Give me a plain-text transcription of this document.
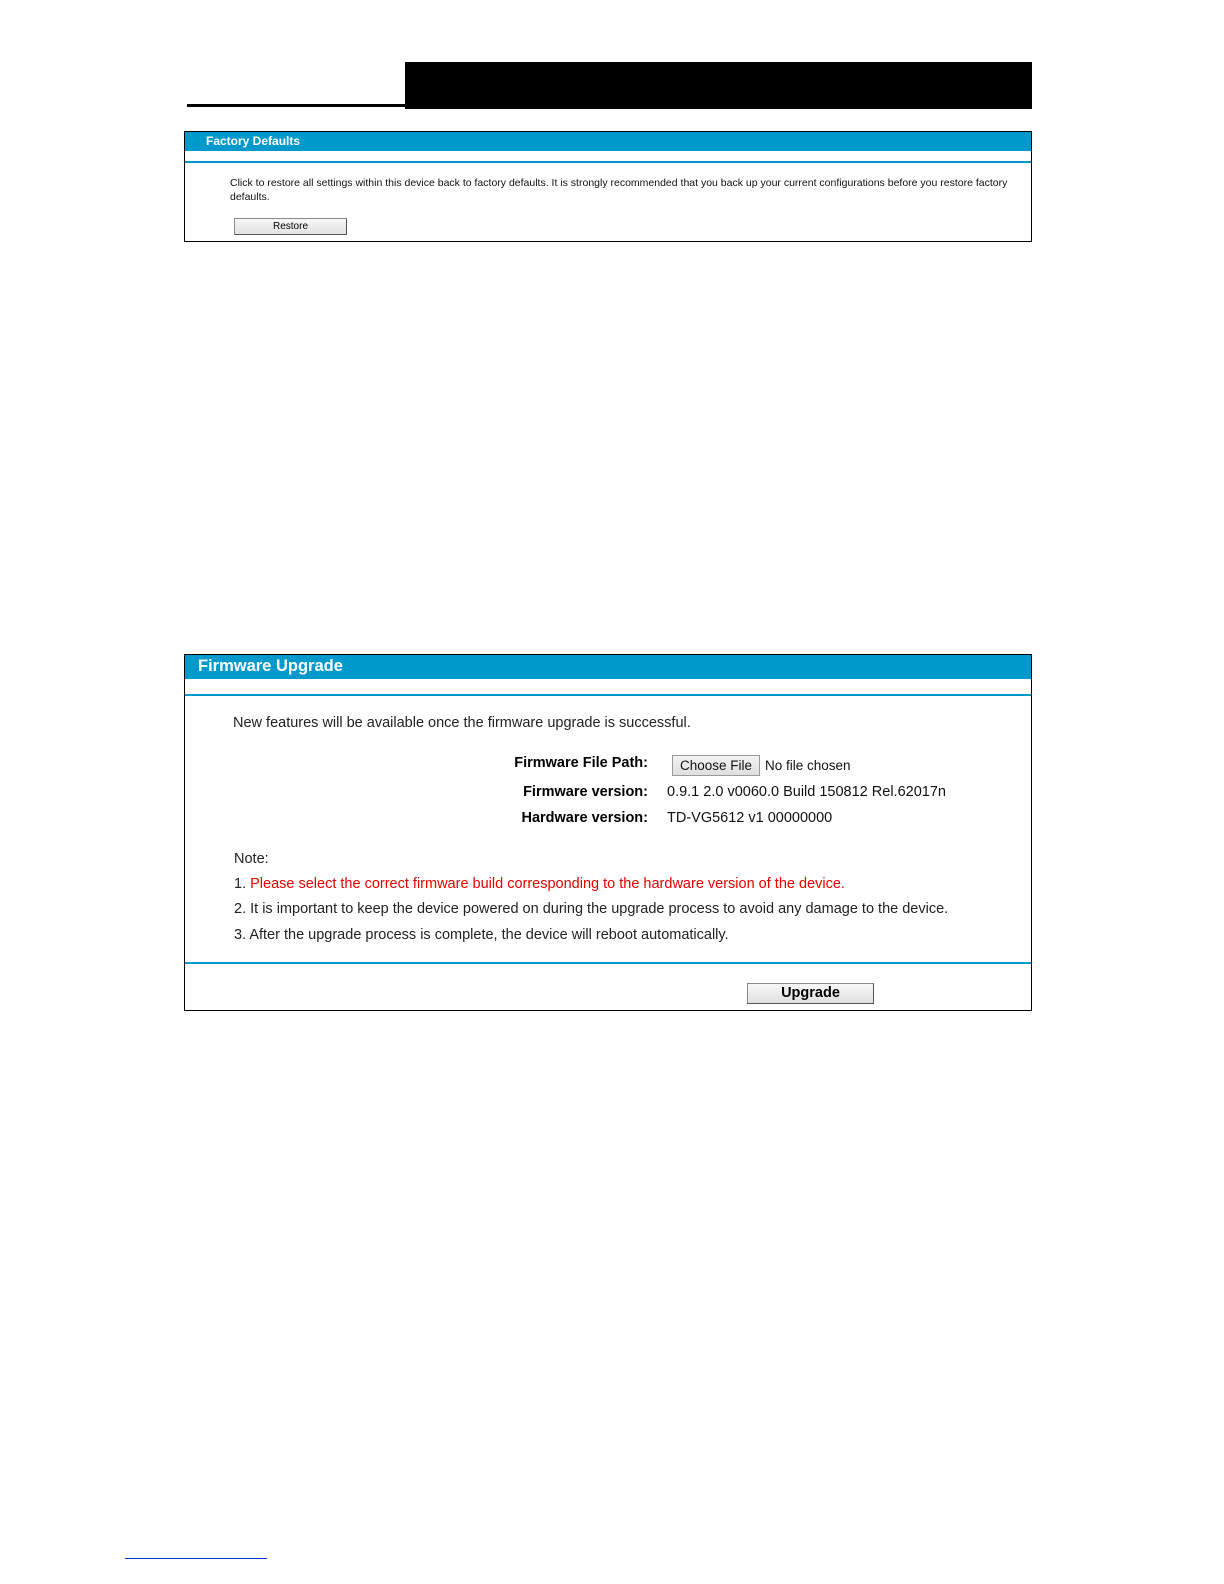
Factory Defaults
Click to restore all settings within this device back to factory defaults. It is strongly recommended that you back up your current configurations before you restore factory defaults.
Restore
Firmware Upgrade
New features will be available once the firmware upgrade is successful.
Firmware File Path:	Choose File No file chosen
Firmware version: 0.9.1 2.0 v0060.0 Build 150812 Rel.62017n
Hardware version: TD-VG5612 v1 00000000
Note:
1. Please select the correct firmware build corresponding to the hardware version of the device.
2. It is important to keep the device powered on during the upgrade process to avoid any damage to the device.
3. After the upgrade process is complete, the device will reboot automatically.
Upgrade
